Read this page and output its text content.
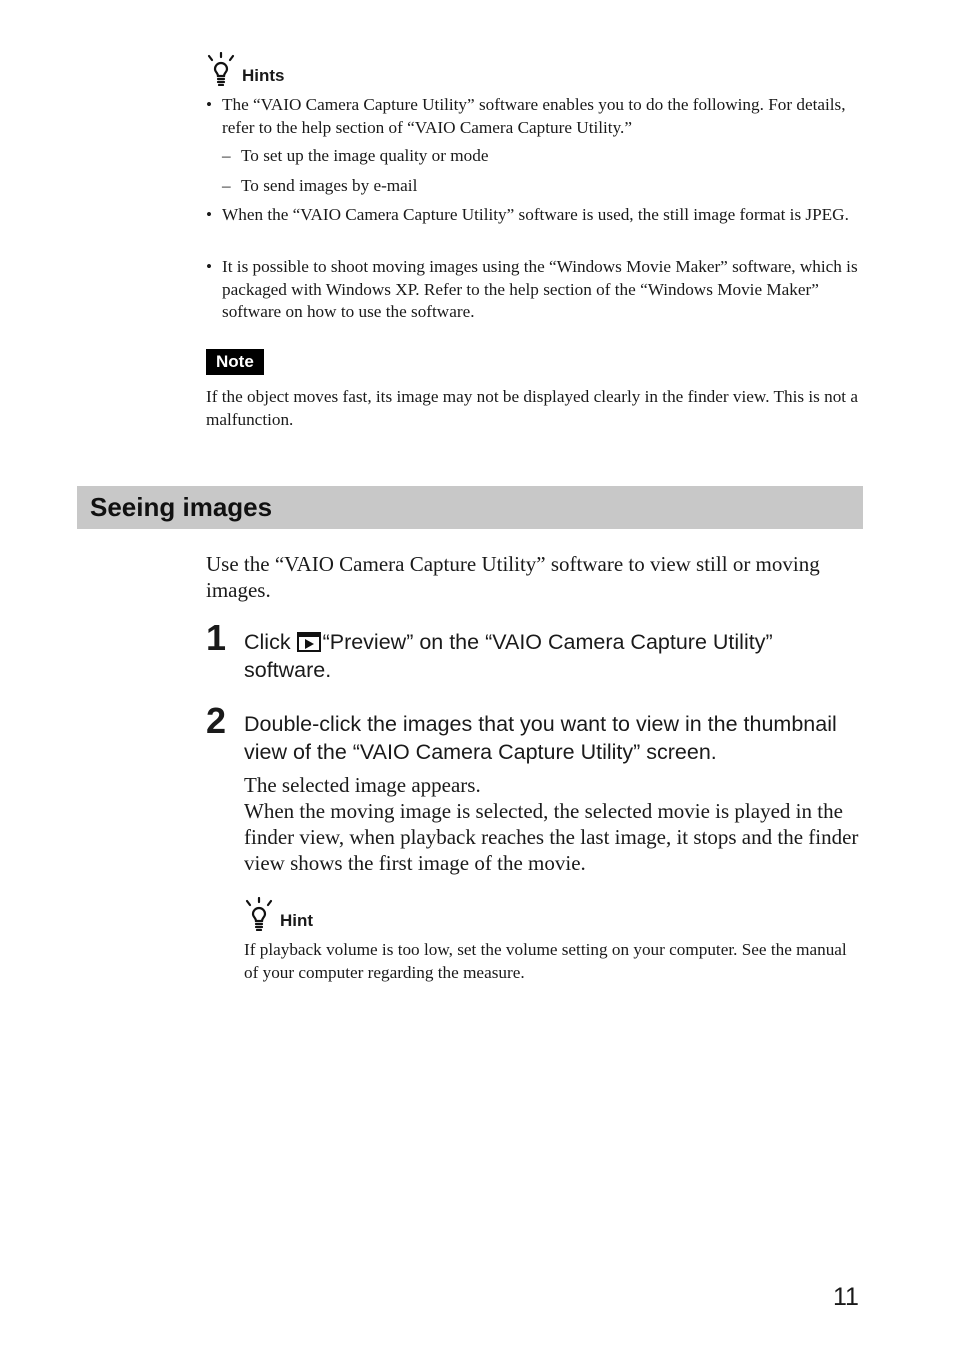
Hints
• The “VAIO Camera Capture Utility” software enables you to do the following. For details, refer to the help section of “VAIO Camera Capture Utility.”
– To set up the image quality or mode
– To send images by e-mail
• When the “VAIO Camera Capture Utility” software is used, the still image format is JPEG.
• It is possible to shoot moving images using the “Windows Movie Maker” software, which is packaged with Windows XP. Refer to the help section of the “Windows Movie Maker” software on how to use the software.
Note
If the object moves fast, its image may not be displayed clearly in the finder view. This is not a malfunction.
Seeing images
Use the “VAIO Camera Capture Utility” software to view still or moving images.
1 Click “Preview” on the “VAIO Camera Capture Utility” software.
2 Double-click the images that you want to view in the thumbnail view of the “VAIO Camera Capture Utility” screen.
The selected image appears.
When the moving image is selected, the selected movie is played in the finder view, when playback reaches the last image, it stops and the finder view shows the first image of the movie.
Hint
If playback volume is too low, set the volume setting on your computer. See the manual of your computer regarding the measure.
11
